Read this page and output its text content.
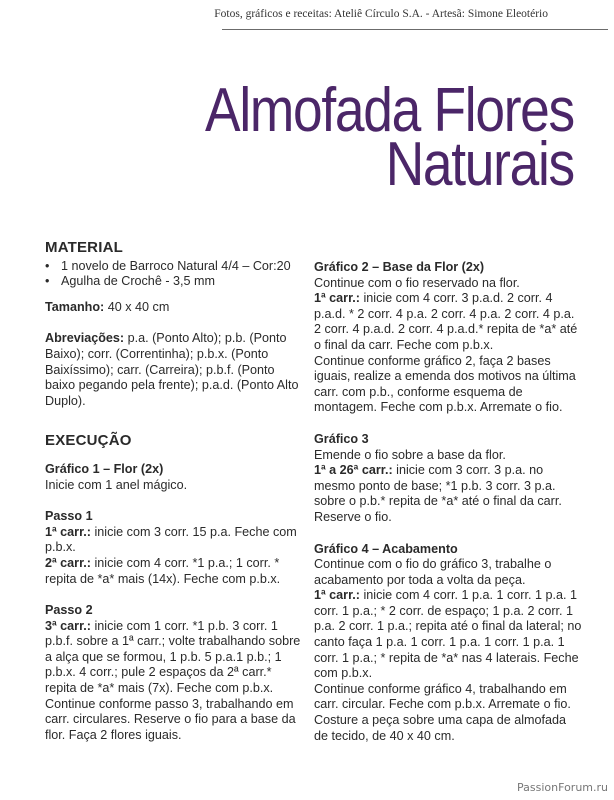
Fotos, gráficos e receitas: Ateliê Círculo S.A. - Artesã: Simone Eleotério
Almofada Flores
Naturais
MATERIAL
• 1 novelo de Barroco Natural 4/4 – Cor:20
• Agulha de Crochê - 3,5 mm

Tamanho: 40 x 40 cm

Abreviações: p.a. (Ponto Alto); p.b. (Ponto Baixo); corr. (Correntinha); p.b.x. (Ponto Baixíssimo); carr. (Carreira); p.b.f. (Ponto baixo pegando pela frente); p.a.d. (Ponto Alto Duplo).

EXECUÇÃO

Gráfico 1 – Flor (2x)

Inicie com 1 anel mágico.

Passo 1

1ª carr.: inicie com 3 corr. 15 p.a. Feche com p.b.x.

2ª carr.: inicie com 4 corr. *1 p.a.; 1 corr. * repita de *a* mais (14x). Feche com p.b.x.

Passo 2

3ª carr.: inicie com 1 corr. *1 p.b. 3 corr. 1 p.b.f. sobre a 1ª carr.; volte trabalhando sobre a alça que se formou, 1 p.b. 5 p.a.1 p.b.; 1 p.b.x. 4 corr.; pule 2 espaços da 2ª carr.* repita de *a* mais (7x). Feche com p.b.x.

Continue conforme passo 3, trabalhando em carr. circulares. Reserve o fio para a base da flor. Faça 2 flores iguais.

Gráfico 2 – Base da Flor (2x)

Continue com o fio reservado na flor.

1ª carr.: inicie com 4 corr. 3 p.a.d. 2 corr. 4 p.a.d. * 2 corr. 4 p.a. 2 corr. 4 p.a. 2 corr. 4 p.a. 2 corr. 4 p.a.d. 2 corr. 4 p.a.d.* repita de *a* até o final da carr. Feche com p.b.x.

Continue conforme gráfico 2, faça 2 bases iguais, realize a emenda dos motivos na última carr. com p.b., conforme esquema de montagem. Feche com p.b.x. Arremate o fio.

Gráfico 3

Emende o fio sobre a base da flor.

1ª a 26ª carr.: inicie com 3 corr. 3 p.a. no mesmo ponto de base; *1 p.b. 3 corr. 3 p.a. sobre o p.b.* repita de *a* até o final da carr. Reserve o fio.

Gráfico 4 – Acabamento

Continue com o fio do gráfico 3, trabalhe o acabamento por toda a volta da peça.

1ª carr.: inicie com 4 corr. 1 p.a. 1 corr. 1 p.a. 1 corr. 1 p.a.; * 2 corr. de espaço; 1 p.a. 2 corr. 1 p.a. 2 corr. 1 p.a.; repita até o final da lateral; no canto faça 1 p.a. 1 corr. 1 p.a. 1 corr. 1 p.a. 1 corr. 1 p.a.; * repita de *a* nas 4 laterais. Feche com p.b.x.

Continue conforme gráfico 4, trabalhando em carr. circular. Feche com p.b.x. Arremate o fio.

Costure a peça sobre uma capa de almofada de tecido, de 40 x 40 cm.

PassionForum.ru
